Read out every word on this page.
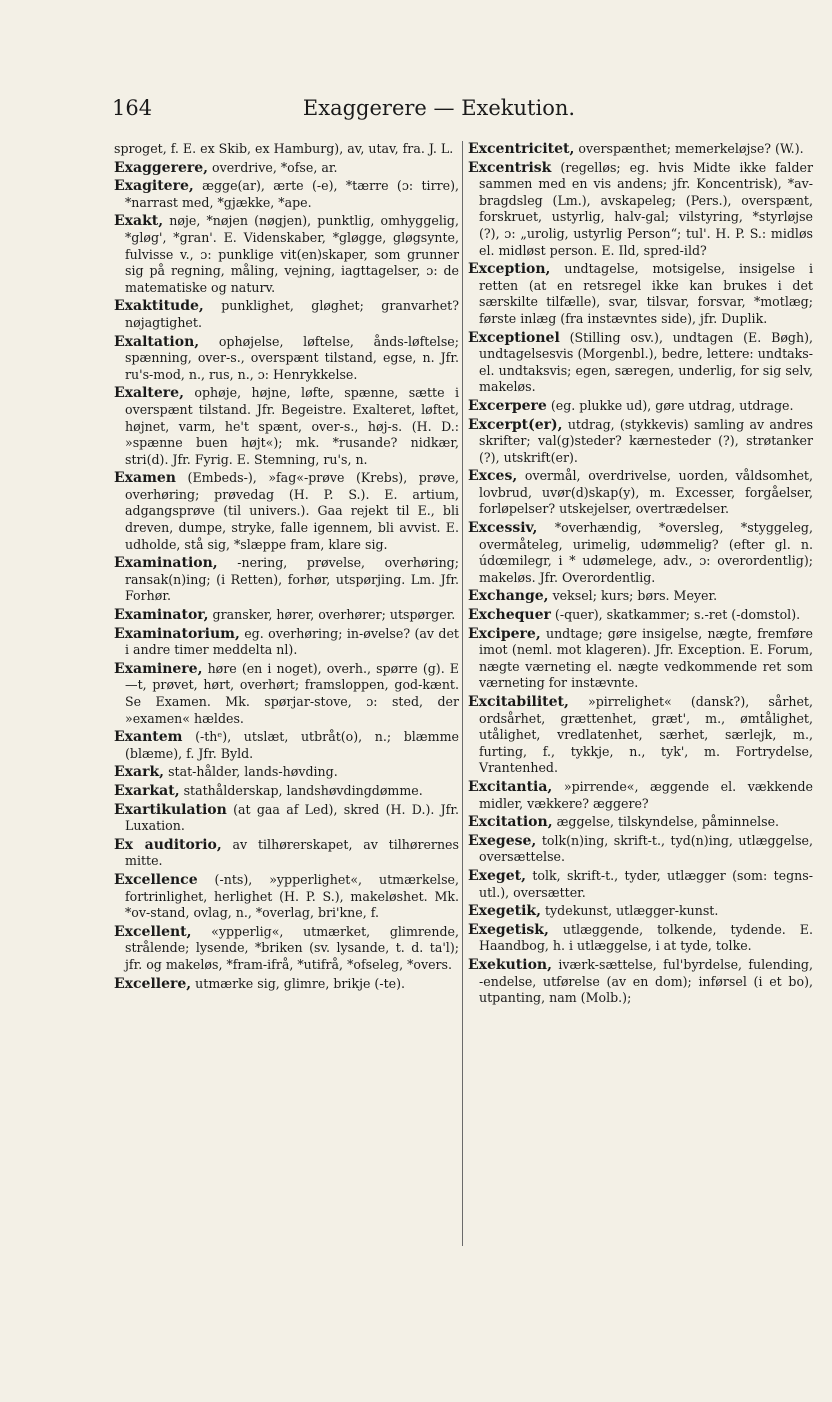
164	Exaggerere — Exekution.

sproget, f. E. ex Skib, ex Hamburg), av, utav, fra. J. L.

Exaggerere, overdrive, *ofse, ar.

Exagitere, ægge(ar), ærte (-e), *tærre (ɔ: tirre), *narrast med, *gjække, *ape.

Exakt, nøje, *nøjen (nøgjen), punktlig, omhyggelig, *gløg', *gran'. E. Videnskaber, *gløgge, gløgsynte, fulvisse v., ɔ: punklige vit(en)skaper, som grunner sig på regning, måling, vejning, iagttagelser, ɔ: de matematiske og naturv.

Exaktitude, punklighet, gløghet; granvarhet? nøjagtighet.

Exaltation, ophøjelse, løftelse, ånds-løftelse; spænning, over-s., overspænt tilstand, egse, n. Jfr. ru's-mod, n., rus, n., ɔ: Henrykkelse.

Exaltere, ophøje, højne, løfte, spænne, sætte i overspænt tilstand. Jfr. Begeistre. Exalteret, løftet, højnet, varm, he't spænt, over-s., høj-s. (H. D.: »spænne buen højt«); mk. *rusande? nidkær, stri(d). Jfr. Fyrig. E. Stemning, ru's, n.

Examen (Embeds-), »fag«-prøve (Krebs), prøve, overhøring; prøvedag (H. P. S.). E. artium, adgangsprøve (til univers.). Gaa rejekt til E., bli dreven, dumpe, stryke, falle igennem, bli avvist. E. udholde, stå sig, *slæppe fram, klare sig.

Examination, -nering, prøvelse, overhøring; ransak(n)ing; (i Retten), forhør, utspørjing. Lm. Jfr. Forhør.

Examinator, gransker, hører, overhører; utspørger.

Examinatorium, eg. overhøring; in-øvelse? (av det i andre timer meddelta nl).

Examinere, høre (en i noget), overh., spørre (g). E—t, prøvet, hørt, overhørt; framsloppen, god-kænt. Se Examen. Mk. spørjar-stove, ɔ: sted, der »examen« hældes.

Exantem (-thᵉ), utslæt, utbråt(o), n.; blæmme (blæme), f. Jfr. Byld.

Exark, stat-hålder, lands-høvding.

Exarkat, stathålderskap, landshøvdingdømme.

Exartikulation (at gaa af Led), skred (H. D.). Jfr. Luxation.

Ex auditorio, av tilhørerskapet, av tilhørernes mitte.

Excellence (-nts), »ypperlighet«, utmærkelse, fortrinlighet, herlighet (H. P. S.), makeløshet. Mk. *ov-stand, ovlag, n., *overlag, bri'kne, f.

Excellent, «ypperlig«, utmærket, glimrende, strålende; lysende, *briken (sv. lysande, t. d. ta'l); jfr. og makeløs, *fram-ifrå, *utifrå, *ofseleg, *overs.

Excellere, utmærke sig, glimre, brikje (-te).

Excentricitet, overspænthet; memerkeløjse? (W.).

Excentrisk (regelløs; eg. hvis Midte ikke falder sammen med en vis andens; jfr. Koncentrisk), *av-bragdsleg (Lm.), avskapeleg; (Pers.), overspænt, forskruet, ustyrlig, halv-gal; vilstyring, *styrløjse (?), ɔ: „urolig, ustyrlig Person“; tul'. H. P. S.: midløs el. midløst person. E. Ild, spred-ild?

Exception, undtagelse, motsigelse, insigelse i retten (at en retsregel ikke kan brukes i det særskilte tilfælle), svar, tilsvar, forsvar, *motlæg; første inlæg (fra instævntes side), jfr. Duplik.

Exceptionel (Stilling osv.), undtagen (E. Bøgh), undtagelsesvis (Morgenbl.), bedre, lettere: undtaks- el. undtaksvis; egen, særegen, underlig, for sig selv, makeløs.

Excerpere (eg. plukke ud), gøre utdrag, utdrage.

Excerpt(er), utdrag, (stykkevis) samling av andres skrifter; val(g)steder? kærnesteder (?), strøtanker (?), utskrift(er).

Exces, overmål, overdrivelse, uorden, våldsomhet, lovbrud, uvør(d)skap(y), m. Excesser, forgåelser, forløpelser? utskejelser, overtrædelser.

Excessiv, *overhændig, *oversleg, *styggeleg, overmåteleg, urimelig, udømmelig? (efter gl. n. údœmilegr, i * udømelege, adv., ɔ: overordentlig); makeløs. Jfr. Overordentlig.

Exchange, veksel; kurs; børs. Meyer.

Exchequer (-quer), skatkammer; s.-ret (-domstol).

Excipere, undtage; gøre insigelse, nægte, fremføre imot (neml. mot klageren). Jfr. Exception. E. Forum, nægte værneting el. nægte vedkommende ret som værneting for instævnte.

Excitabilitet, »pirrelighet« (dansk?), sårhet, ordsårhet, grættenhet, græt', m., ømtålighet, utålighet, vredlatenhet, særhet, særlejk, m., furting, f., tykkje, n., tyk', m. Fortrydelse, Vrantenhed.

Excitantia, »pirrende«, æggende el. vækkende midler, vækkere? æggere?

Excitation, æggelse, tilskyndelse, påminnelse.

Exegese, tolk(n)ing, skrift-t., tyd(n)ing, utlæggelse, oversættelse.

Exeget, tolk, skrift-t., tyder, utlægger (som: tegns-utl.), oversætter.

Exegetik, tydekunst, utlægger-kunst.

Exegetisk, utlæggende, tolkende, tydende. E. Haandbog, h. i utlæggelse, i at tyde, tolke.

Exekution, iværk-sættelse, ful'byrdelse, fulending, -endelse, utførelse (av en dom); inførsel (i et bo), utpanting, nam (Molb.);
